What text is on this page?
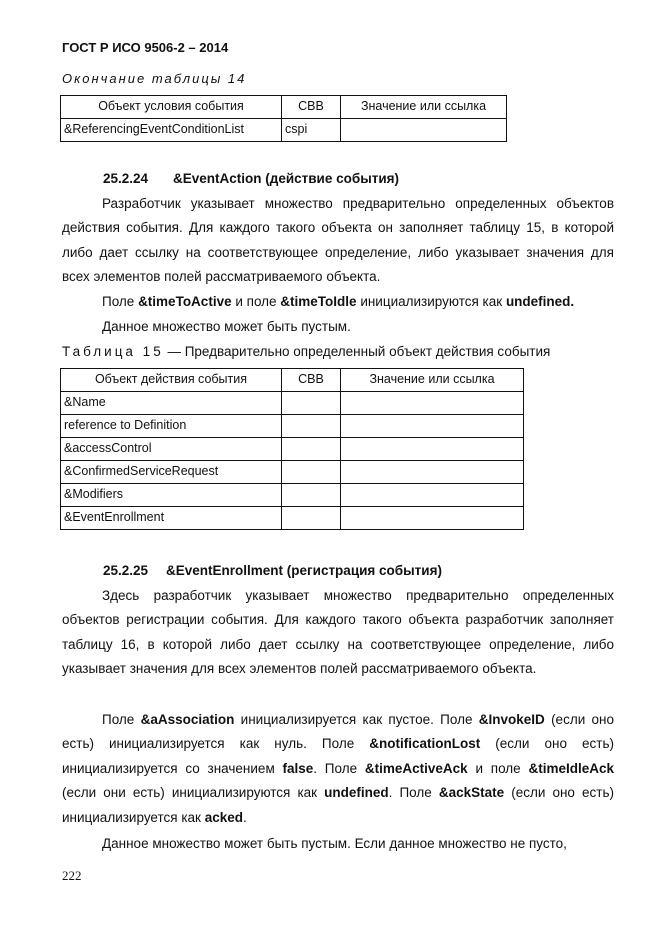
ГОСТ Р ИСО 9506-2 – 2014
Окончание таблицы 14
Объект условия события	CBB	Значение или ссылка
&ReferencingEventConditionList	cspi	
25.2.24 &EventAction (действие события)
Разработчик указывает множество предварительно определенных объектов действия события. Для каждого такого объекта он заполняет таблицу 15, в которой либо дает ссылку на соответствующее определение, либо указывает значения для всех элементов полей рассматриваемого объекта.
Поле &timeToActive и поле &timeToIdle инициализируются как undefined.
Данное множество может быть пустым.
Таблица 15 — Предварительно определенный объект действия события
Объект действия события	CBB	Значение или ссылка
&Name		
reference to Definition		
&accessControl		
&ConfirmedServiceRequest		
&Modifiers		
&EventEnrollment		
25.2.25 &EventEnrollment (регистрация события)
Здесь разработчик указывает множество предварительно определенных объектов регистрации события. Для каждого такого объекта разработчик заполняет таблицу 16, в которой либо дает ссылку на соответствующее определение, либо указывает значения для всех элементов полей рассматриваемого объекта.
Поле &aAssociation инициализируется как пустое. Поле &InvokeID (если оно есть) инициализируется как нуль. Поле &notificationLost (если оно есть) инициализируется со значением false. Поле &timeActiveAck и поле &timeIdleAck (если они есть) инициализируются как undefined. Поле &ackState (если оно есть) инициализируется как acked.
Данное множество может быть пустым. Если данное множество не пусто,
222
